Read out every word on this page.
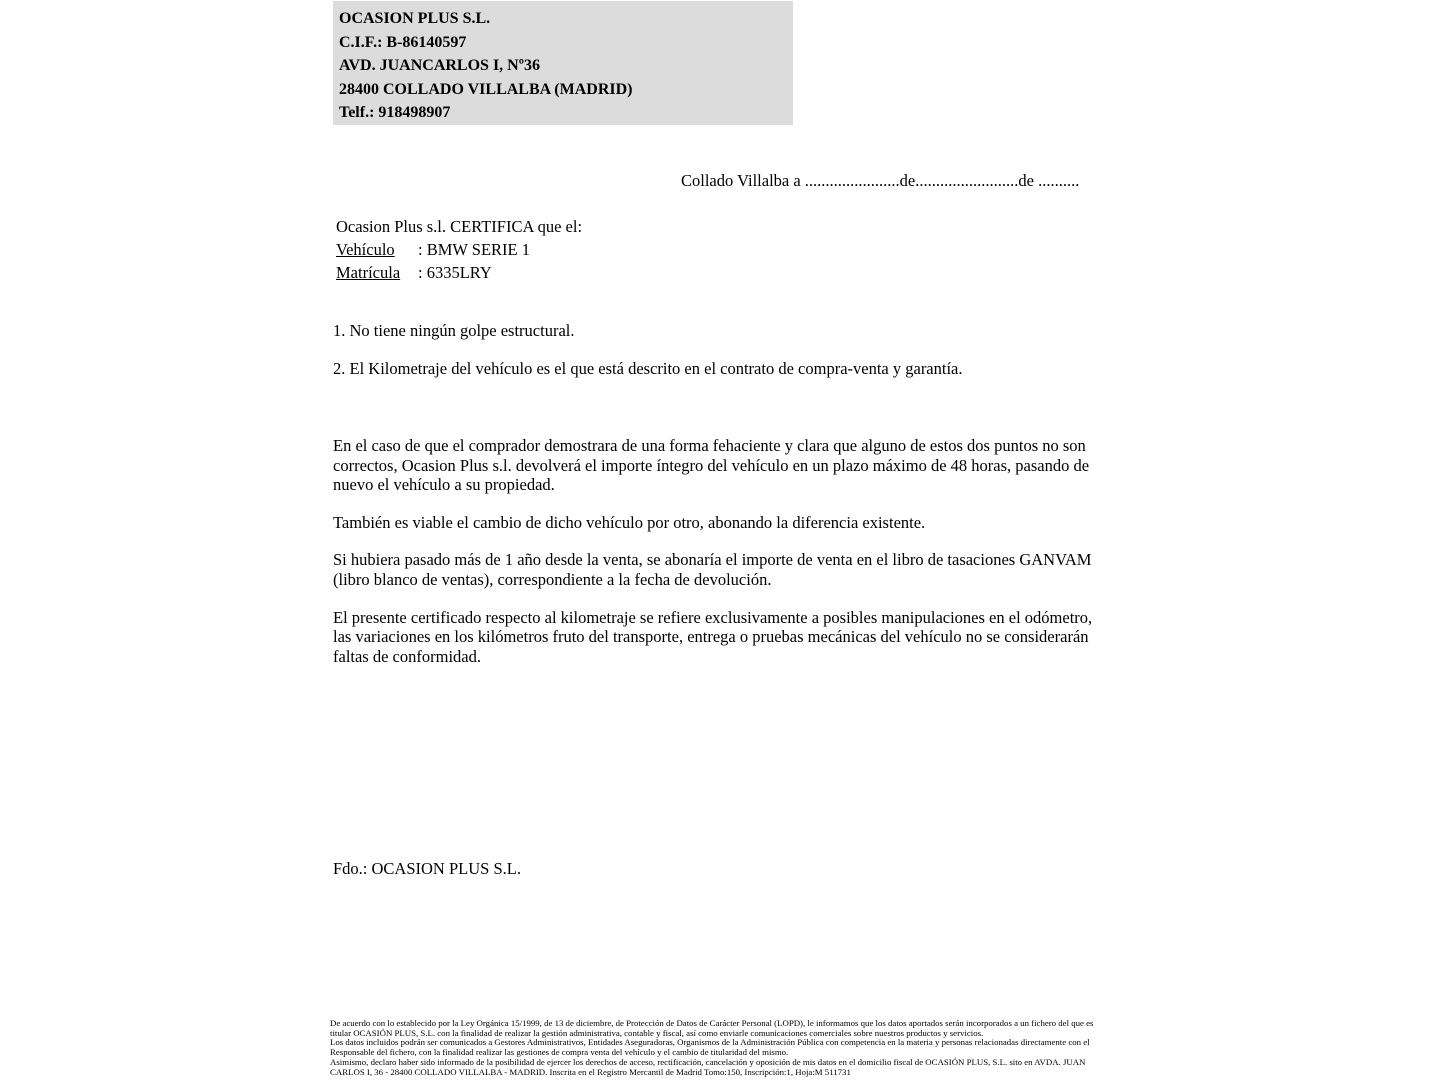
OCASION PLUS S.L.
C.I.F.: B-86140597
AVD. JUANCARLOS I, Nº36
28400 COLLADO VILLALBA (MADRID)
Telf.: 918498907
Collado Villalba a .......................de.........................de ..........
Ocasion Plus s.l. CERTIFICA que el:
Vehículo : BMW SERIE 1
Matrícula : 6335LRY

1. No tiene ningún golpe estructural.

2. El Kilometraje del vehículo es el que está descrito en el contrato de compra-venta y garantía.

En el caso de que el comprador demostrara de una forma fehaciente y clara que alguno de estos dos puntos no son correctos, Ocasion Plus s.l. devolverá el importe íntegro del vehículo en un plazo máximo de 48 horas, pasando de nuevo el vehículo a su propiedad.

También es viable el cambio de dicho vehículo por otro, abonando la diferencia existente.

Si hubiera pasado más de 1 año desde la venta, se abonaría el importe de venta en el libro de tasaciones GANVAM (libro blanco de ventas), correspondiente a la fecha de devolución.

El presente certificado respecto al kilometraje se refiere exclusivamente a posibles manipulaciones en el odómetro, las variaciones en los kilómetros fruto del transporte, entrega o pruebas mecánicas del vehículo no se considerarán faltas de conformidad.

Fdo.: OCASION PLUS S.L.

De acuerdo con lo establecido por la Ley Orgánica 15/1999, de 13 de diciembre, de Protección de Datos de Carácter Personal (LOPD), le informamos que los datos aportados serán incorporados a un fichero del que es titular OCASIÓN PLUS, S.L. con la finalidad de realizar la gestión administrativa, contable y fiscal, así como enviarle comunicaciones comerciales sobre nuestros productos y servicios.

Los datos incluidos podrán ser comunicados a Gestores Administrativos, Entidades Aseguradoras, Organismos de la Administración Pública con competencia en la materia y personas relacionadas directamente con el Responsable del fichero, con la finalidad realizar las gestiones de compra venta del vehículo y el cambio de titularidad del mismo.

Asimismo, declaro haber sido informado de la posibilidad de ejercer los derechos de acceso, rectificación, cancelación y oposición de mis datos en el domicilio fiscal de OCASIÓN PLUS, S.L. sito en AVDA. JUAN CARLOS I, 36 - 28400 COLLADO VILLALBA - MADRID. Inscrita en el Registro Mercantil de Madrid Tomo:150, Inscripción:1, Hoja:M 511731
